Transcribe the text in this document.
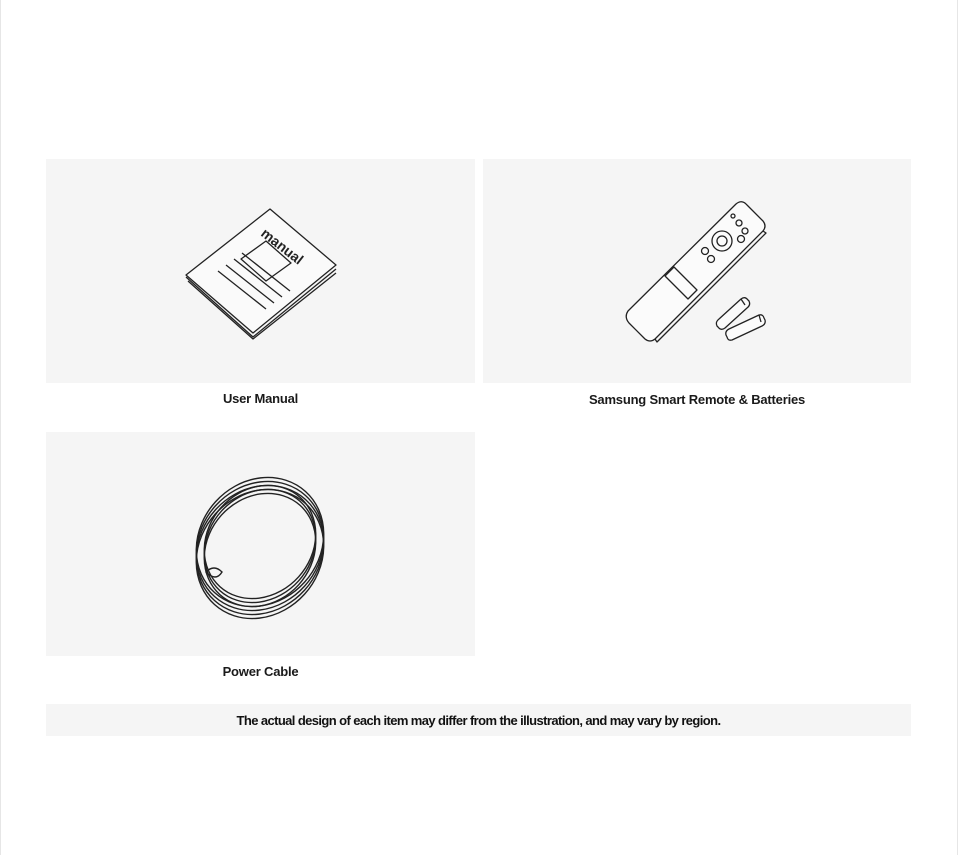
manual
User Manual	Samsung Smart Remote & Batteries
Power Cable
The actual design of each item may differ from the illustration, and may vary by region.
